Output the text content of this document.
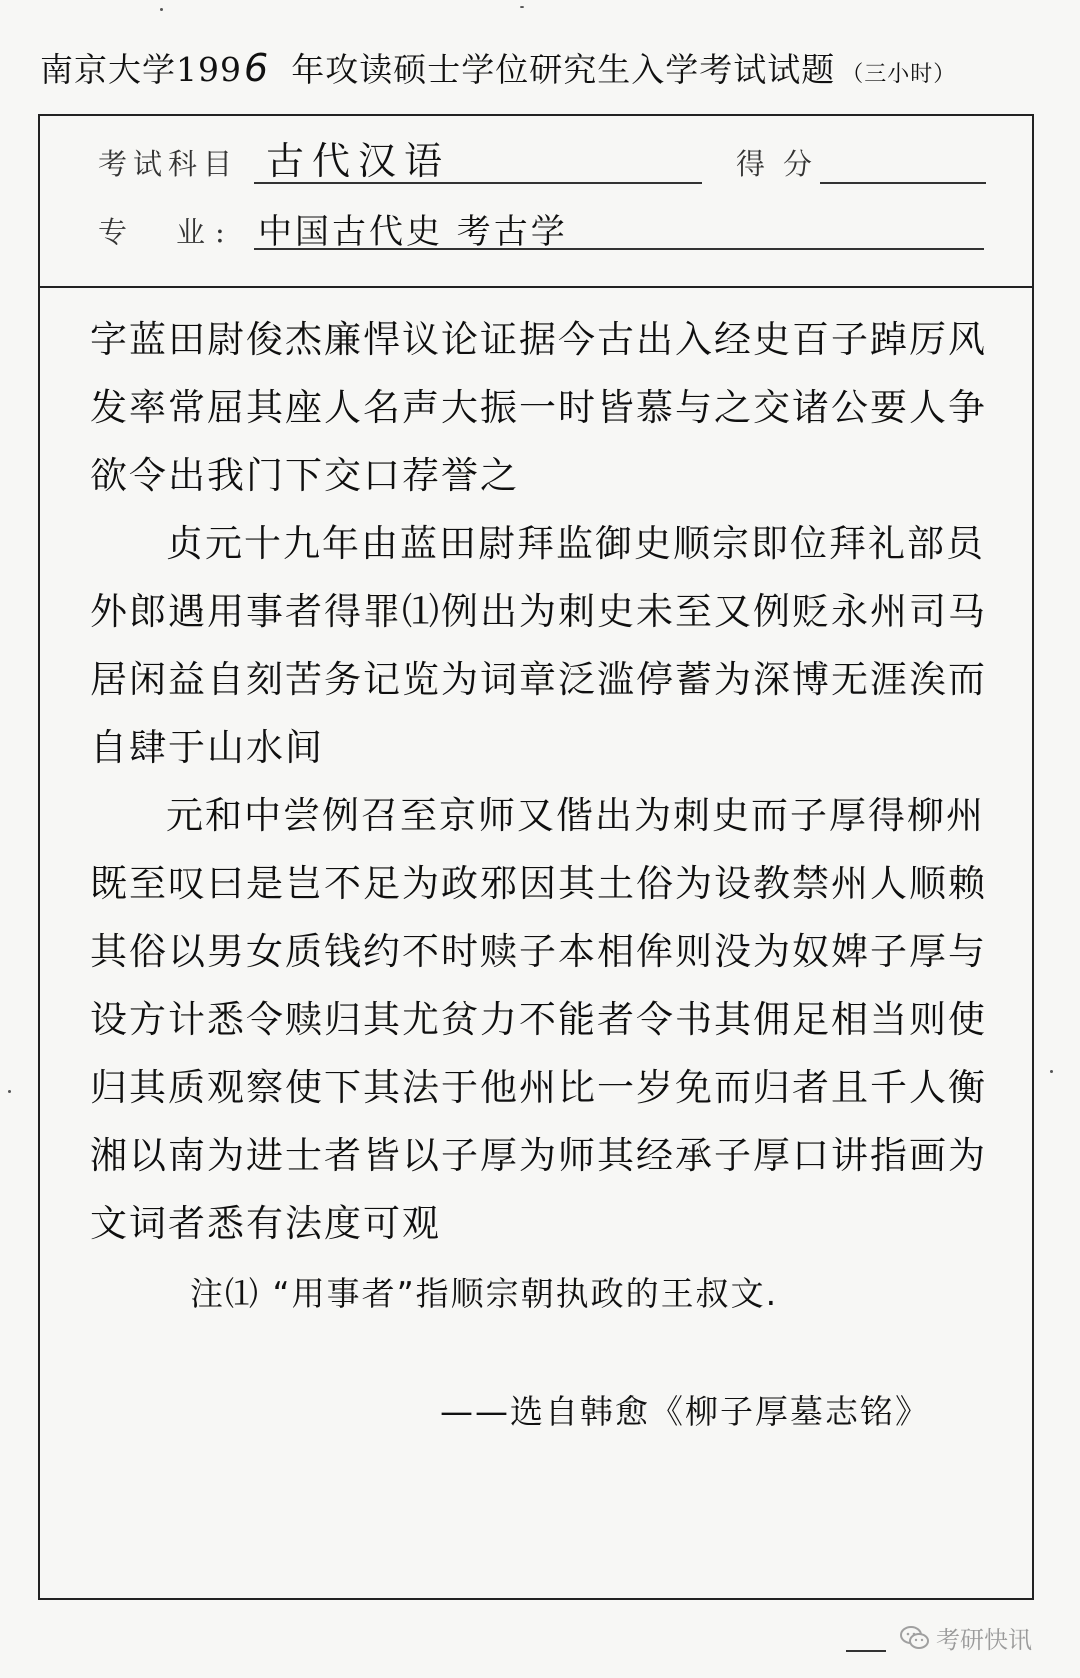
南京大学1996 年攻读硕士学位研究生入学考试试题 （三小时）
考试科目 古代汉语	得分
专　业: 中国古代史 考古学

字蓝田尉俊杰廉悍议论证据今古出入经史百子踔厉风发率常屈其座人名声大振一时皆慕与之交诸公要人争欲令出我门下交口荐誉之

贞元十九年由蓝田尉拜监御史顺宗即位拜礼部员外郎遇用事者得罪⑴例出为刺史未至又例贬永州司马居闲益自刻苦务记览为词章泛滥停蓄为深博无涯涘而自肆于山水间

元和中尝例召至京师又偕出为刺史而子厚得柳州既至叹曰是岂不足为政邪因其土俗为设教禁州人顺赖其俗以男女质钱约不时赎子本相侔则没为奴婢子厚与设方计悉令赎归其尤贫力不能者令书其佣足相当则使归其质观察使下其法于他州比一岁免而归者且千人衡湘以南为进士者皆以子厚为师其经承子厚口讲指画为文词者悉有法度可观

注⑴ “用事者”指顺宗朝执政的王叔文.
——选自韩愈《柳子厚墓志铭》
考研快讯
